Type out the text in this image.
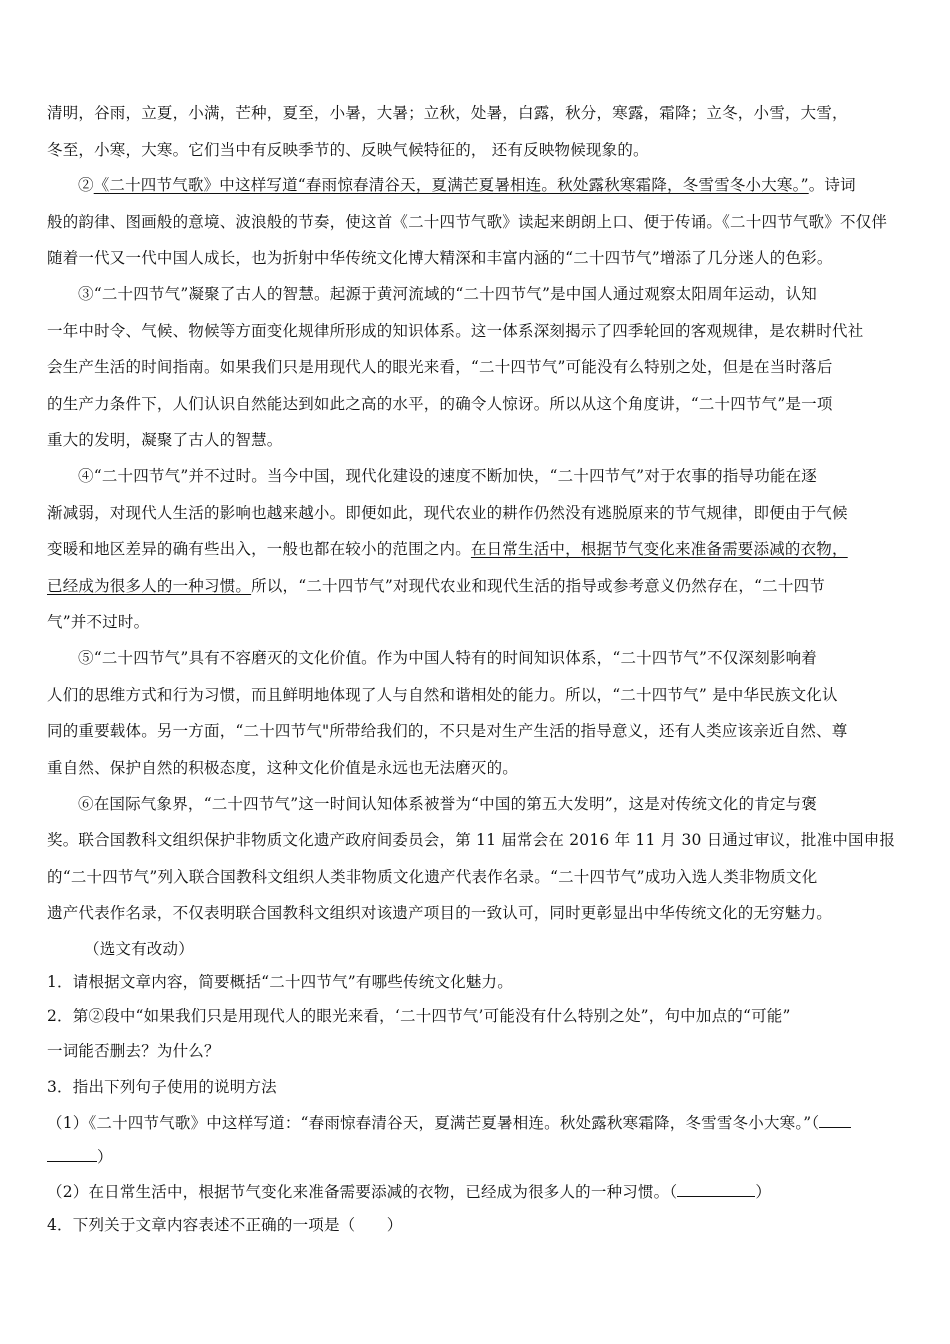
清明，谷雨，立夏，小满，芒种，夏至，小暑，大暑；立秋，处暑，白露，秋分，寒露，霜降；立冬，小雪，大雪，
冬至，小寒，大寒。它们当中有反映季节的、反映气候特征的， 还有反映物候现象的。
②《二十四节气歌》中这样写道“春雨惊春清谷天，夏满芒夏暑相连。秋处露秋寒霜降，冬雪雪冬小大寒。”。诗词
般的韵律、图画般的意境、波浪般的节奏，使这首《二十四节气歌》读起来朗朗上口、便于传诵。《二十四节气歌》不仅伴
随着一代又一代中国人成长，也为折射中华传统文化博大精深和丰富内涵的“二十四节气”增添了几分迷人的色彩。
③“二十四节气”凝聚了古人的智慧。起源于黄河流域的“二十四节气”是中国人通过观察太阳周年运动，认知
一年中时令、气候、物候等方面变化规律所形成的知识体系。这一体系深刻揭示了四季轮回的客观规律，是农耕时代社
会生产生活的时间指南。如果我们只是用现代人的眼光来看，“二十四节气”可能没有么特别之处，但是在当时落后
的生产力条件下，人们认识自然能达到如此之高的水平，的确令人惊讶。所以从这个角度讲，“二十四节气”是一项
重大的发明，凝聚了古人的智慧。
④“二十四节气”并不过时。当今中国，现代化建设的速度不断加快，“二十四节气”对于农事的指导功能在逐
渐减弱，对现代人生活的影响也越来越小。即便如此，现代农业的耕作仍然没有逃脱原来的节气规律，即便由于气候
变暖和地区差异的确有些出入，一般也都在较小的范围之内。在日常生活中，根据节气变化来准备需要添减的衣物，
已经成为很多人的一种习惯。所以，“二十四节气”对现代农业和现代生活的指导或参考意义仍然存在，“二十四节
气”并不过时。
⑤“二十四节气”具有不容磨灭的文化价值。作为中国人特有的时间知识体系，“二十四节气”不仅深刻影响着
人们的思维方式和行为习惯，而且鲜明地体现了人与自然和谐相处的能力。所以，“二十四节气” 是中华民族文化认
同的重要载体。另一方面，“二十四节气"所带给我们的，不只是对生产生活的指导意义，还有人类应该亲近自然、尊
重自然、保护自然的积极态度，这种文化价值是永远也无法磨灭的。
⑥在国际气象界，“二十四节气”这一时间认知体系被誉为“中国的第五大发明”，这是对传统文化的肯定与褒
奖。联合国教科文组织保护非物质文化遗产政府间委员会，第 11 届常会在 2016 年 11 月 30 日通过审议，批准中国申报
的“二十四节气”列入联合国教科文组织人类非物质文化遗产代表作名录。“二十四节气”成功入选人类非物质文化
遗产代表作名录，不仅表明联合国教科文组织对该遗产项目的一致认可，同时更彰显出中华传统文化的无穷魅力。
（选文有改动）
1．请根据文章内容，简要概括“二十四节气”有哪些传统文化魅力。
2．第②段中“如果我们只是用现代人的眼光来看，‘二十四节气’可能没有什么特别之处”，句中加点的“可能”
一词能否删去？为什么？
3．指出下列句子使用的说明方法
（1）《二十四节气歌》中这样写道：“春雨惊春清谷天，夏满芒夏暑相连。秋处露秋寒霜降，冬雪雪冬小大寒。”（
）
（2）在日常生活中，根据节气变化来准备需要添减的衣物，已经成为很多人的一种习惯。（	）
4．下列关于文章内容表述不正确的一项是（　　）
